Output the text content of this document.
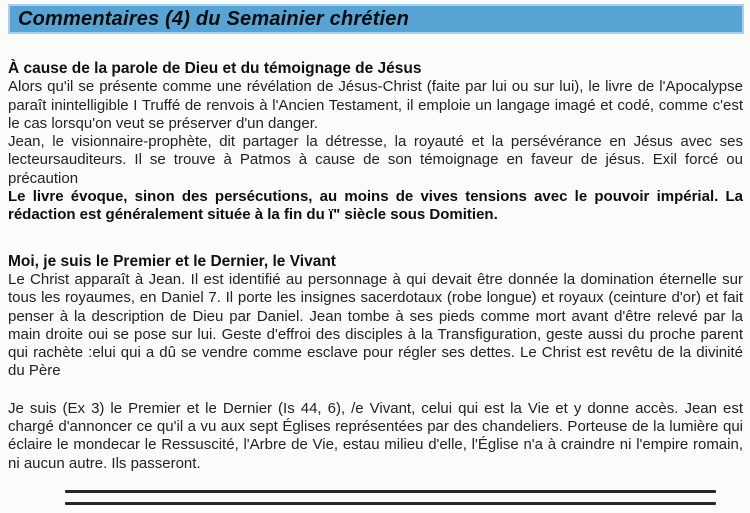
Commentaires (4) du Semainier chrétien

À cause de la parole de Dieu et du témoignage de Jésus

Alors qu'il se présente comme une révélation de Jésus-Christ (faite par lui ou sur lui), le livre de l'Apocalypse paraît inintelligible I Truffé de renvois à l'Ancien Testament, il emploie un langage imagé et codé, comme c'est le cas lorsqu'on veut se préserver d'un danger.

Jean, le visionnaire-prophète, dit partager la détresse, la royauté et la persévérance en Jésus avec ses lecteursauditeurs. Il se trouve à Patmos à cause de son témoignage en faveur de jésus. Exil forcé ou précaution

Le livre évoque, sinon des persécutions, au moins de vives tensions avec le pouvoir impérial. La rédaction est généralement située à la fin du ï" siècle sous Domitien.

Moi, je suis le Premier et le Dernier, le Vivant

Le Christ apparaît à Jean. Il est identifié au personnage à qui devait être donnée la domination éternelle sur tous les royaumes, en Daniel 7. Il porte les insignes sacerdotaux (robe longue) et royaux (ceinture d'or) et fait penser à la description de Dieu par Daniel. Jean tombe à ses pieds comme mort avant d'être relevé par la main droite oui se pose sur lui. Geste d'effroi des disciples à la Transfiguration, geste aussi du proche parent qui rachète :elui qui a dû se vendre comme esclave pour régler ses dettes. Le Christ est revêtu de la divinité du Père

Je suis (Ex 3) le Premier et le Dernier (Is 44, 6), /e Vivant, celui qui est la Vie et y donne accès. Jean est chargé d'annoncer ce qu'il a vu aux sept Églises représentées par des chandeliers. Porteuse de la lumière qui éclaire le mondecar le Ressuscité, l'Arbre de Vie, estau milieu d'elle, l'Église n'a à craindre ni l'empire romain, ni aucun autre. Ils passeront.
